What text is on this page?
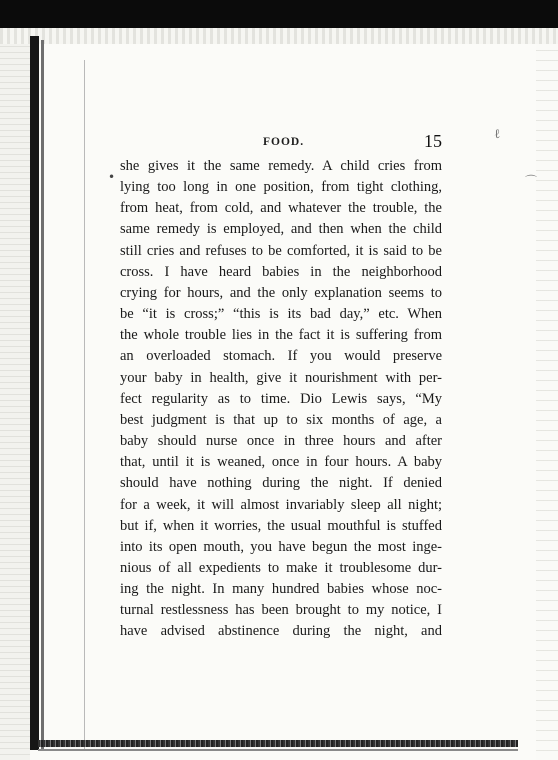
ℓ
⌒
•
FOOD.	15
she gives it the same remedy. A child cries from
lying too long in one position, from tight clothing,
from heat, from cold, and whatever the trouble, the
same remedy is employed, and then when the child
still cries and refuses to be comforted, it is said to be
cross. I have heard babies in the neighborhood
crying for hours, and the only explanation seems to
be “it is cross;” “this is its bad day,” etc. When
the whole trouble lies in the fact it is suffering from
an overloaded stomach. If you would preserve
your baby in health, give it nourishment with per-
fect regularity as to time. Dio Lewis says, “My
best judgment is that up to six months of age, a
baby should nurse once in three hours and after
that, until it is weaned, once in four hours. A baby
should have nothing during the night. If denied
for a week, it will almost invariably sleep all night;
but if, when it worries, the usual mouthful is stuffed
into its open mouth, you have begun the most inge-
nious of all expedients to make it troublesome dur-
ing the night. In many hundred babies whose noc-
turnal restlessness has been brought to my notice, I
have advised abstinence during the night, and
